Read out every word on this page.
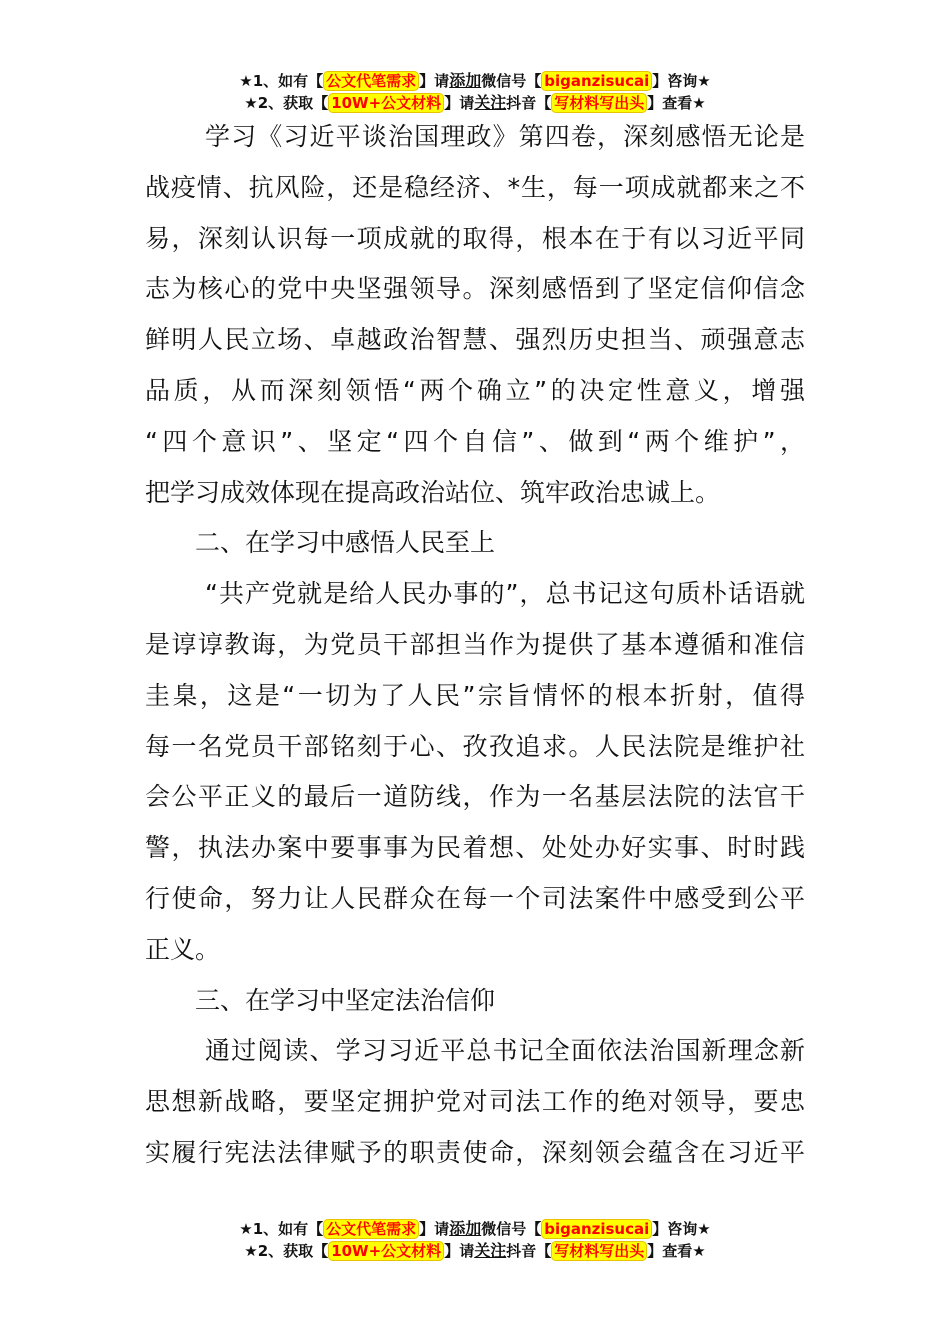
★1、如有【 公文代笔需求 】请添加微信号【 biganzisucai 】咨询★
★2、获取【 10W+公文材料 】请关注抖音【 写材料写出头 】查看★
学习《习近平谈治国理政》第四卷，深刻感悟无论是
战疫情、抗风险，还是稳经济、*生，每一项成就都来之不
易，深刻认识每一项成就的取得，根本在于有以习近平同
志为核心的党中央坚强领导。深刻感悟到了坚定信仰信念
鲜明人民立场、卓越政治智慧、强烈历史担当、顽强意志
品质，从而深刻领悟“两个确立”的决定性意义，增强
“四个意识”、坚定“四个自信”、做到“两个维护”，
把学习成效体现在提高政治站位、筑牢政治忠诚上。
二、在学习中感悟人民至上
“共产党就是给人民办事的”，总书记这句质朴话语就
是谆谆教诲，为党员干部担当作为提供了基本遵循和准信
圭臬，这是“一切为了人民”宗旨情怀的根本折射，值得
每一名党员干部铭刻于心、孜孜追求。人民法院是维护社
会公平正义的最后一道防线，作为一名基层法院的法官干
警，执法办案中要事事为民着想、处处办好实事、时时践
行使命，努力让人民群众在每一个司法案件中感受到公平
正义。
三、在学习中坚定法治信仰
通过阅读、学习习近平总书记全面依法治国新理念新
思想新战略，要坚定拥护党对司法工作的绝对领导，要忠
实履行宪法法律赋予的职责使命，深刻领会蕴含在习近平
★1、如有【 公文代笔需求 】请添加微信号【 biganzisucai 】咨询★
★2、获取【 10W+公文材料 】请关注抖音【 写材料写出头 】查看★
